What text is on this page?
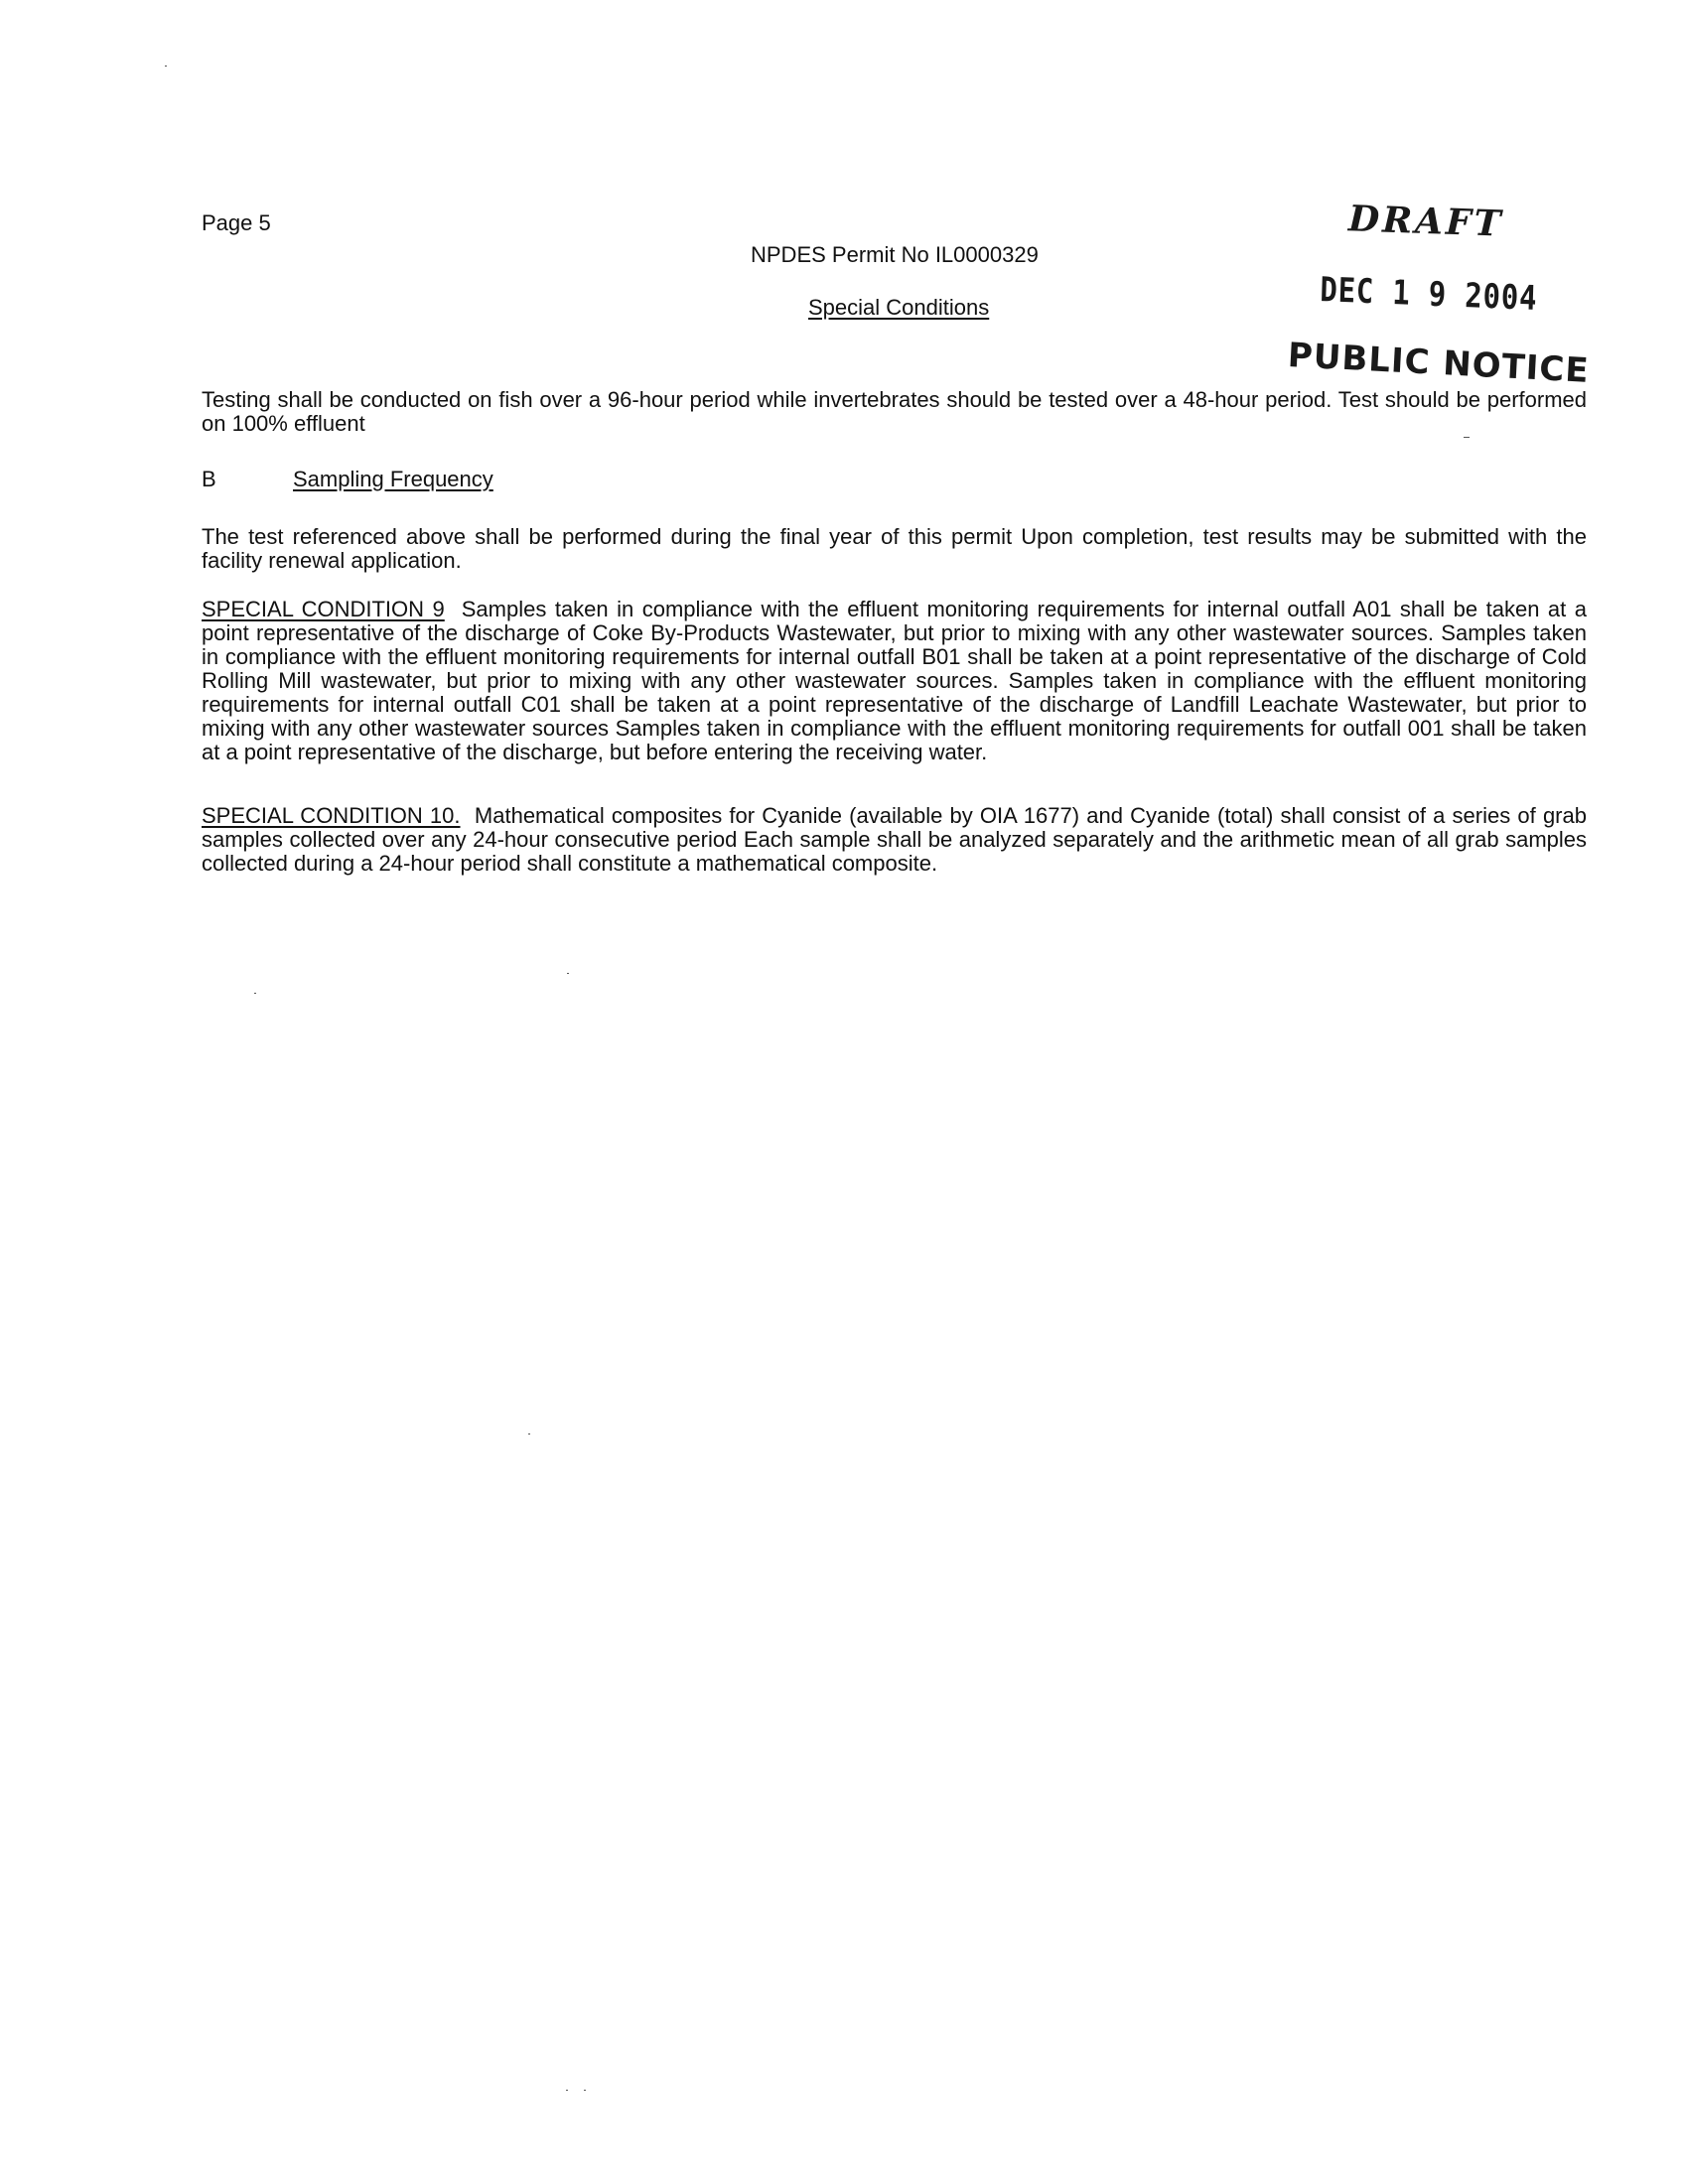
Page 5
NPDES Permit No IL0000329
Special Conditions
DRAFT
DEC 1 9 2004
PUBLIC NOTICE

Testing shall be conducted on fish over a 96-hour period while invertebrates should be tested over a 48-hour period. Test should be performed on 100% effluent

B	Sampling Frequency

The test referenced above shall be performed during the final year of this permit Upon completion, test results may be submitted with the facility renewal application.

SPECIAL CONDITION 9 Samples taken in compliance with the effluent monitoring requirements for internal outfall A01 shall be taken at a point representative of the discharge of Coke By-Products Wastewater, but prior to mixing with any other wastewater sources. Samples taken in compliance with the effluent monitoring requirements for internal outfall B01 shall be taken at a point representative of the discharge of Cold Rolling Mill wastewater, but prior to mixing with any other wastewater sources. Samples taken in compliance with the effluent monitoring requirements for internal outfall C01 shall be taken at a point representative of the discharge of Landfill Leachate Wastewater, but prior to mixing with any other wastewater sources Samples taken in compliance with the effluent monitoring requirements for outfall 001 shall be taken at a point representative of the discharge, but before entering the receiving water.

SPECIAL CONDITION 10. Mathematical composites for Cyanide (available by OIA 1677) and Cyanide (total) shall consist of a series of grab samples collected over any 24-hour consecutive period Each sample shall be analyzed separately and the arithmetic mean of all grab samples collected during a 24-hour period shall constitute a mathematical composite.
